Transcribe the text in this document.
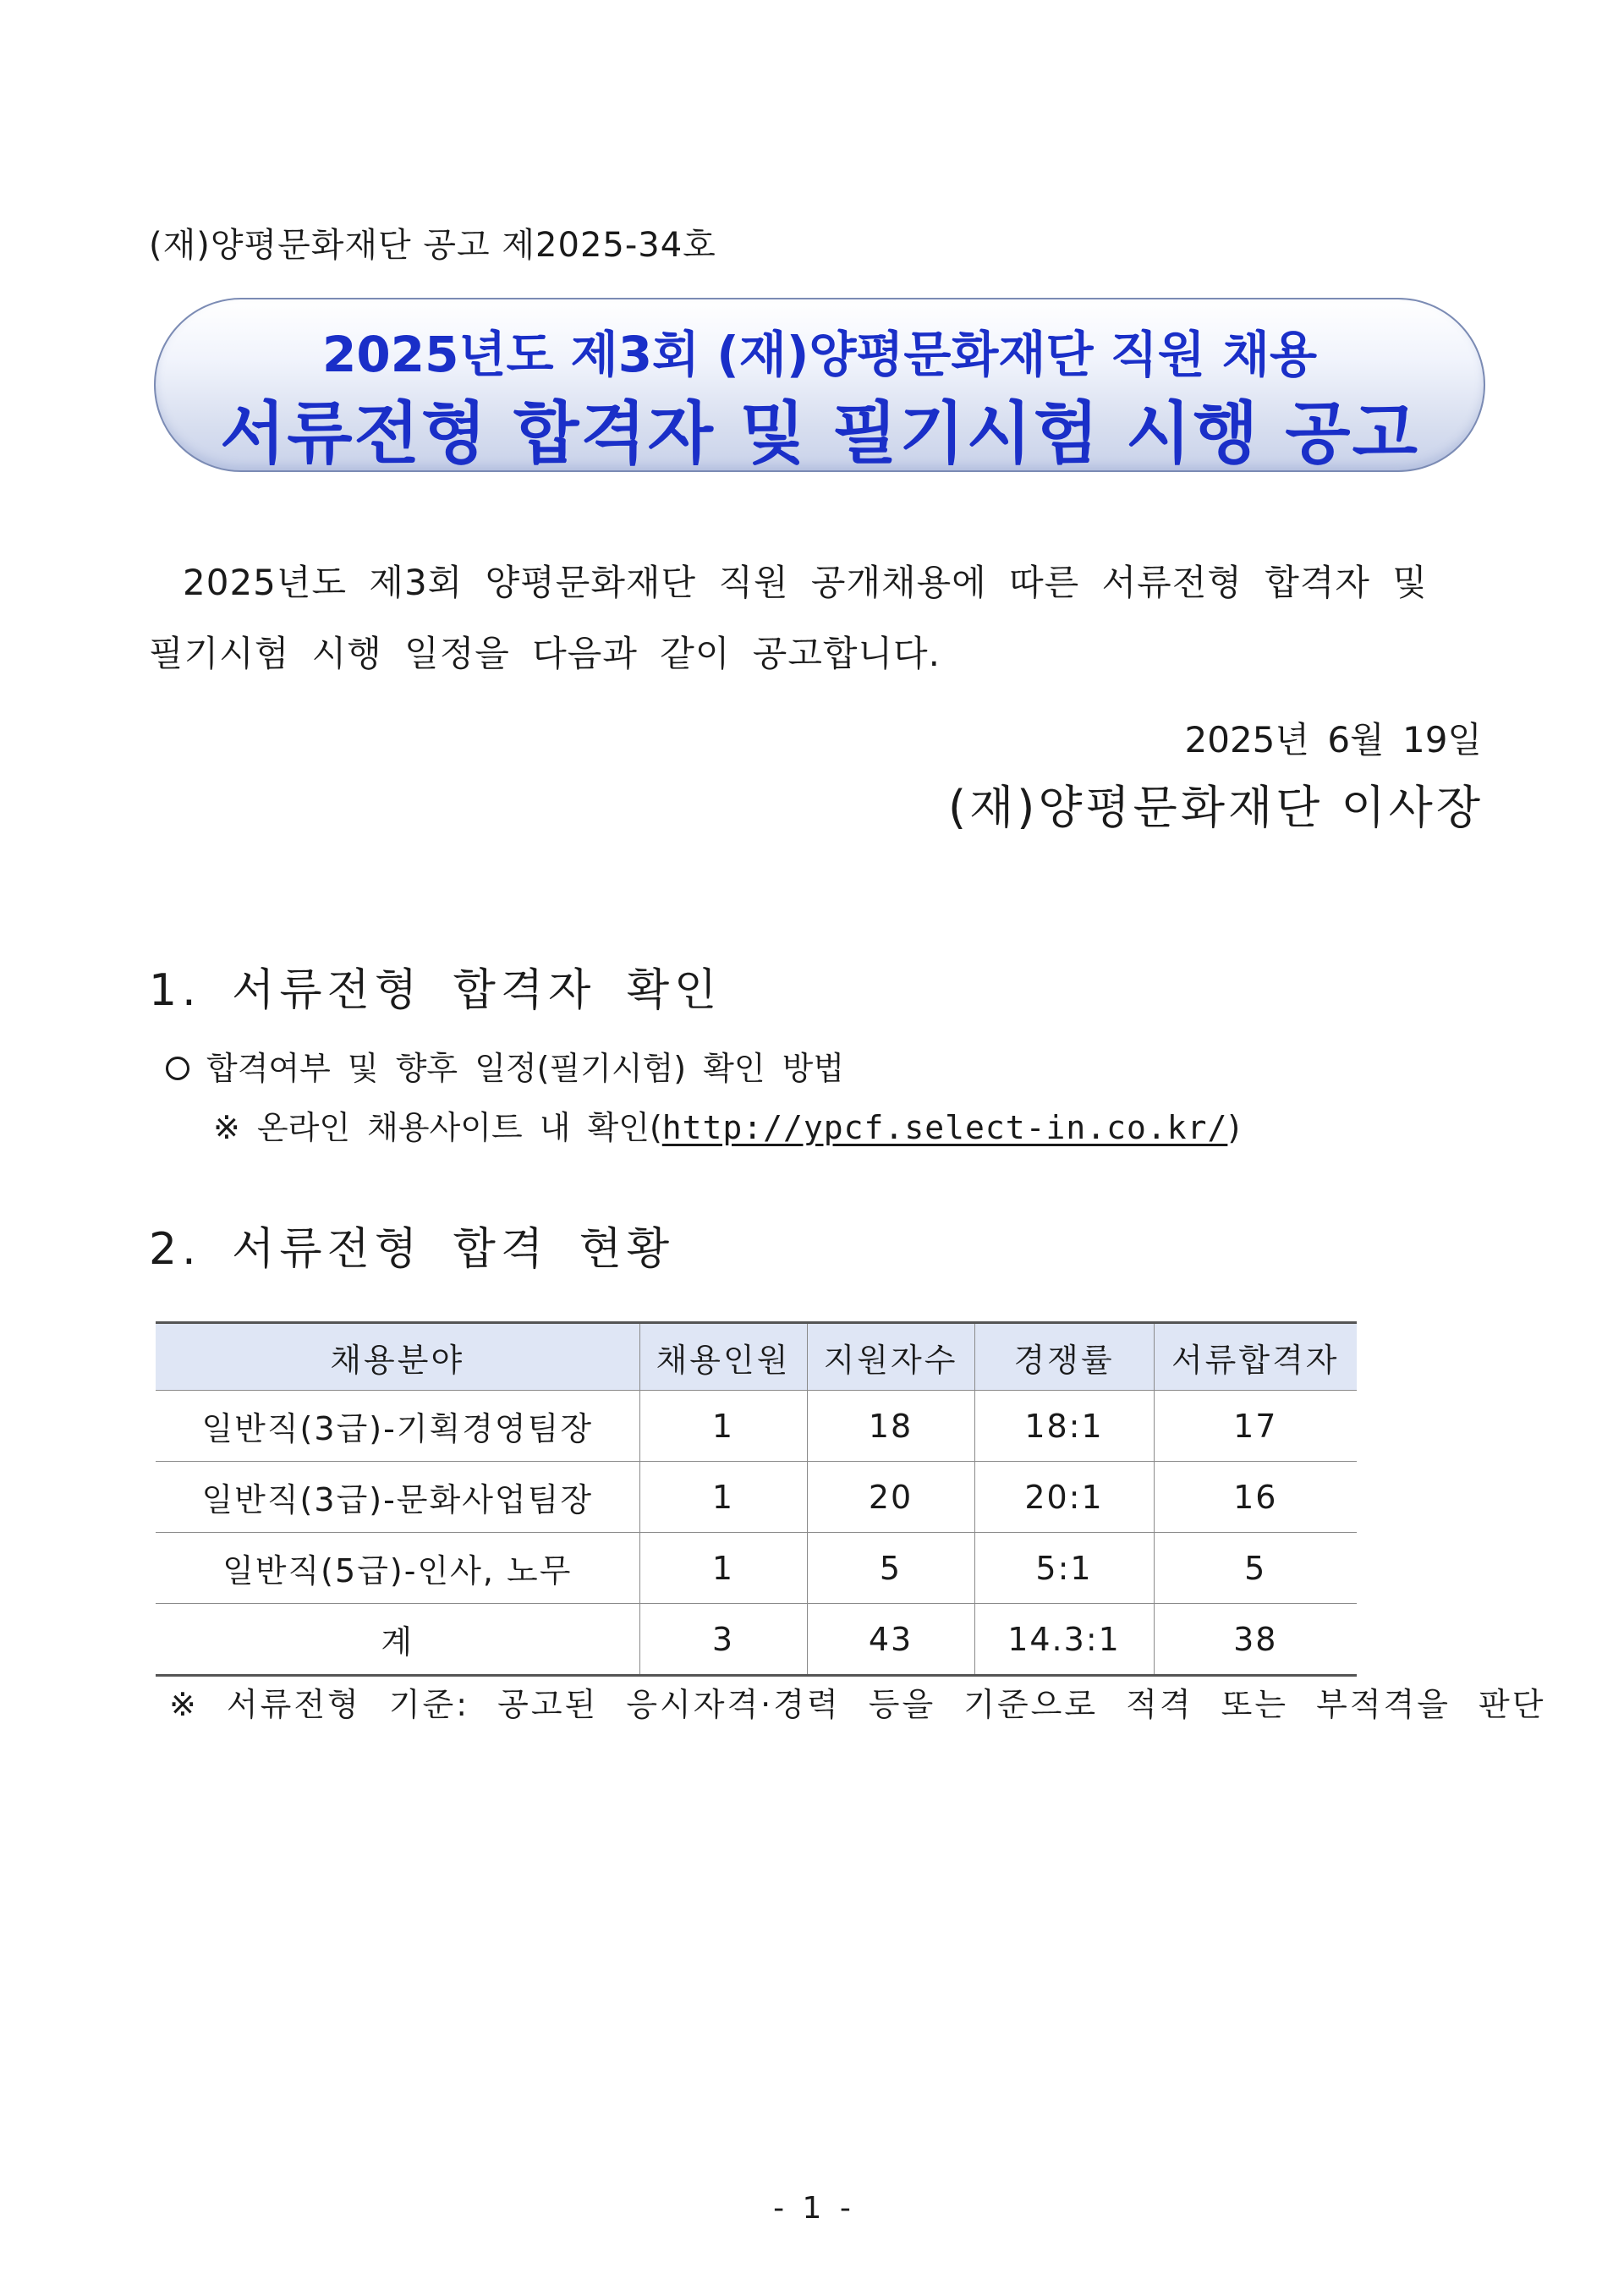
(재)양평문화재단 공고 제2025-34호
2025년도 제3회 (재)양평문화재단 직원 채용
서류전형 합격자 및 필기시험 시행 공고
2025년도 제3회 양평문화재단 직원 공개채용에 따른 서류전형 합격자 및
필기시험 시행 일정을 다음과 같이 공고합니다.
2025년 6월 19일
(재)양평문화재단 이사장
1. 서류전형 합격자 확인
합격여부 및 향후 일정(필기시험) 확인 방법
※ 온라인 채용사이트 내 확인(http://ypcf.select-in.co.kr/)
2. 서류전형 합격 현황
채용분야	채용인원	지원자수	경쟁률	서류합격자
일반직(3급)-기획경영팀장	1	18	18:1	17
일반직(3급)-문화사업팀장	1	20	20:1	16
일반직(5급)-인사, 노무	1	5	5:1	5
계	3	43	14.3:1	38
※ 서류전형 기준: 공고된 응시자격·경력 등을 기준으로 적격 또는 부적격을 판단
- 1 -
